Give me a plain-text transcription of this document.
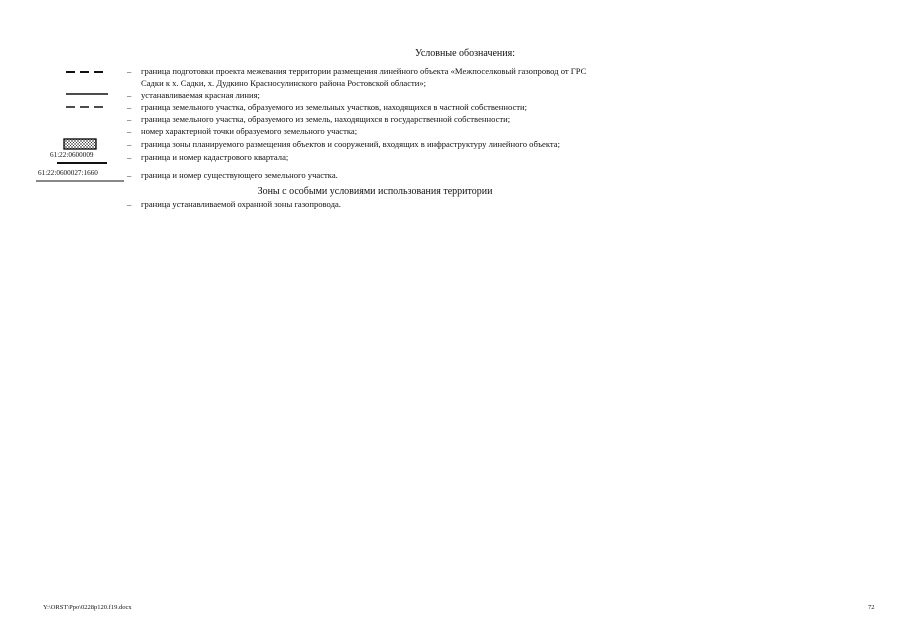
Условные обозначения:
– граница подготовки проекта межевания территории размещения линейного объекта «Межпоселковый газопровод от ГРС
Садки к х. Садки, х. Дудкино Красносулинского района Ростовской области»;
– устанавливаемая красная линия;
– граница земельного участка, образуемого из земельных участков, находящихся в частной собственности;
– граница земельного участка, образуемого из земель, находящихся в государственной собственности;
– номер характерной точки образуемого земельного участка;
– граница зоны планируемого размещения объектов и сооружений, входящих в инфраструктуру линейного объекта;
61:22:0600009	– граница и номер кадастрового квартала;
61:22:0600027:1660	– граница и номер существующего земельного участка.
Зоны с особыми условиями использования территории
– граница устанавливаемой охранной зоны газопровода.
Y:\ORST\Ppo\0228p120.f19.docx	72
